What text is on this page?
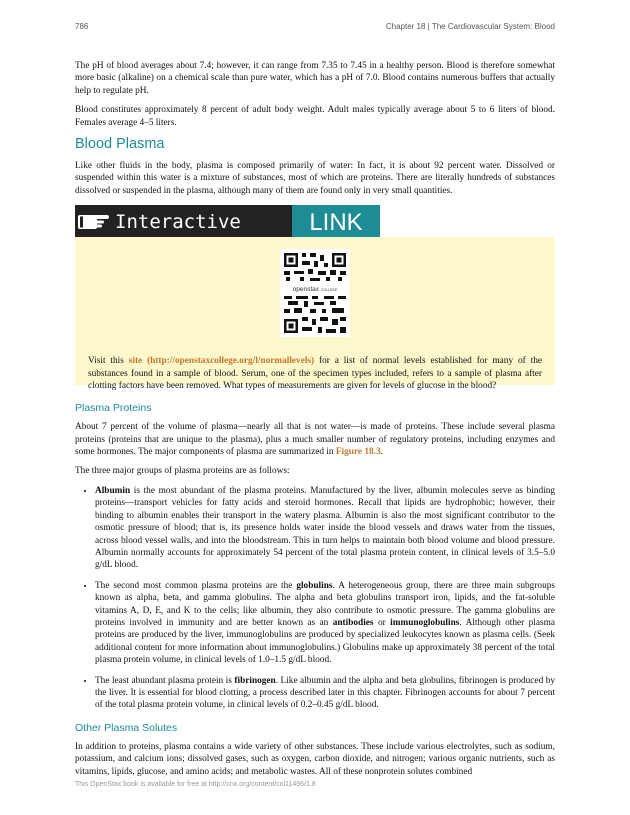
786	Chapter 18 | The Cardiovascular System: Blood

The pH of blood averages about 7.4; however, it can range from 7.35 to 7.45 in a healthy person. Blood is therefore somewhat more basic (alkaline) on a chemical scale than pure water, which has a pH of 7.0. Blood contains numerous buffers that actually help to regulate pH.

Blood constitutes approximately 8 percent of adult body weight. Adult males typically average about 5 to 6 liters of blood. Females average 4–5 liters.

Blood Plasma

Like other fluids in the body, plasma is composed primarily of water: In fact, it is about 92 percent water. Dissolved or suspended within this water is a mixture of substances, most of which are proteins. There are literally hundreds of substances dissolved or suspended in the plasma, although many of them are found only in very small quantities.

Interactive	LINK
openstax COLLEGE

Visit this site (http://openstaxcollege.org/l/normallevels) for a list of normal levels established for many of the substances found in a sample of blood. Serum, one of the specimen types included, refers to a sample of plasma after clotting factors have been removed. What types of measurements are given for levels of glucose in the blood?

Plasma Proteins

About 7 percent of the volume of plasma—nearly all that is not water—is made of proteins. These include several plasma proteins (proteins that are unique to the plasma), plus a much smaller number of regulatory proteins, including enzymes and some hormones. The major components of plasma are summarized in Figure 18.3.

The three major groups of plasma proteins are as follows:

• Albumin is the most abundant of the plasma proteins. Manufactured by the liver, albumin molecules serve as binding proteins—transport vehicles for fatty acids and steroid hormones. Recall that lipids are hydrophobic; however, their binding to albumin enables their transport in the watery plasma. Albumin is also the most significant contributor to the osmotic pressure of blood; that is, its presence holds water inside the blood vessels and draws water from the tissues, across blood vessel walls, and into the bloodstream. This in turn helps to maintain both blood volume and blood pressure. Albumin normally accounts for approximately 54 percent of the total plasma protein content, in clinical levels of 3.5–5.0 g/dL blood.
• The second most common plasma proteins are the globulins. A heterogeneous group, there are three main subgroups known as alpha, beta, and gamma globulins. The alpha and beta globulins transport iron, lipids, and the fat-soluble vitamins A, D, E, and K to the cells; like albumin, they also contribute to osmotic pressure. The gamma globulins are proteins involved in immunity and are better known as an antibodies or immunoglobulins. Although other plasma proteins are produced by the liver, immunoglobulins are produced by specialized leukocytes known as plasma cells. (Seek additional content for more information about immunoglobulins.) Globulins make up approximately 38 percent of the total plasma protein volume, in clinical levels of 1.0–1.5 g/dL blood.
• The least abundant plasma protein is fibrinogen. Like albumin and the alpha and beta globulins, fibrinogen is produced by the liver. It is essential for blood clotting, a process described later in this chapter. Fibrinogen accounts for about 7 percent of the total plasma protein volume, in clinical levels of 0.2–0.45 g/dL blood.
Other Plasma Solutes

In addition to proteins, plasma contains a wide variety of other substances. These include various electrolytes, such as sodium, potassium, and calcium ions; dissolved gases, such as oxygen, carbon dioxide, and nitrogen; various organic nutrients, such as vitamins, lipids, glucose, and amino acids; and metabolic wastes. All of these nonprotein solutes combined

This OpenStax book is available for free at http://cnx.org/content/col11496/1.8
